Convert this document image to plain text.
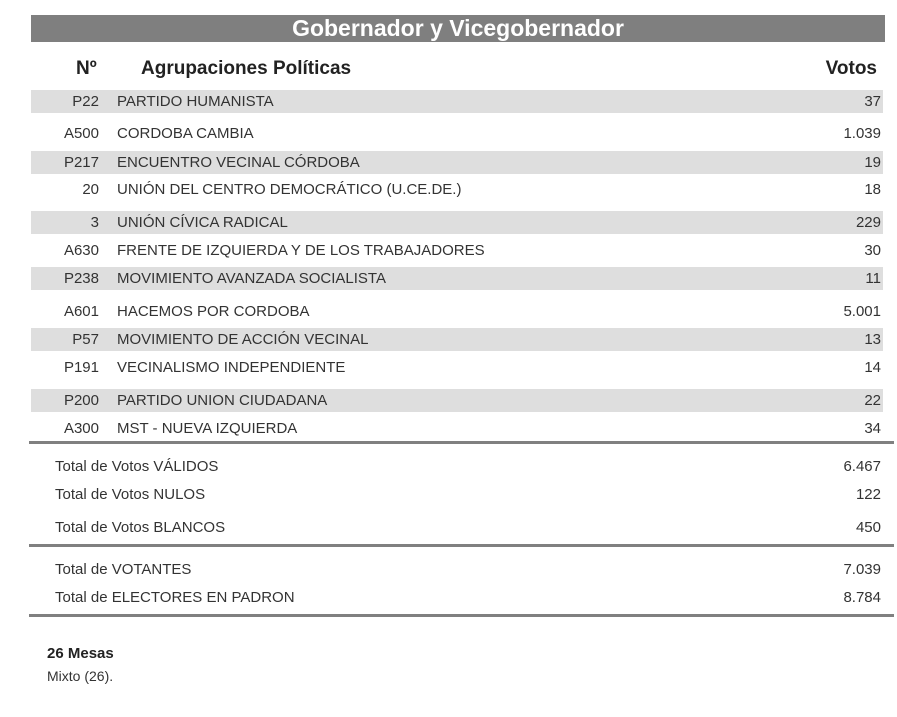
Gobernador y Vicegobernador
Nº Agrupaciones Políticas	Votos
P22 PARTIDO HUMANISTA	37
A500 CORDOBA CAMBIA	1.039
P217 ENCUENTRO VECINAL CÓRDOBA	19
20 UNIÓN DEL CENTRO DEMOCRÁTICO (U.CE.DE.)	18
3 UNIÓN CÍVICA RADICAL	229
A630 FRENTE DE IZQUIERDA Y DE LOS TRABAJADORES	30
P238 MOVIMIENTO AVANZADA SOCIALISTA	11
A601 HACEMOS POR CORDOBA	5.001
P57 MOVIMIENTO DE ACCIÓN VECINAL	13
P191 VECINALISMO INDEPENDIENTE	14
P200 PARTIDO UNION CIUDADANA	22
A300 MST - NUEVA IZQUIERDA	34
Total de Votos VÁLIDOS	6.467
Total de Votos NULOS	122
Total de Votos BLANCOS	450
Total de VOTANTES	7.039
Total de ELECTORES EN PADRON	8.784
26 Mesas
Mixto (26).
